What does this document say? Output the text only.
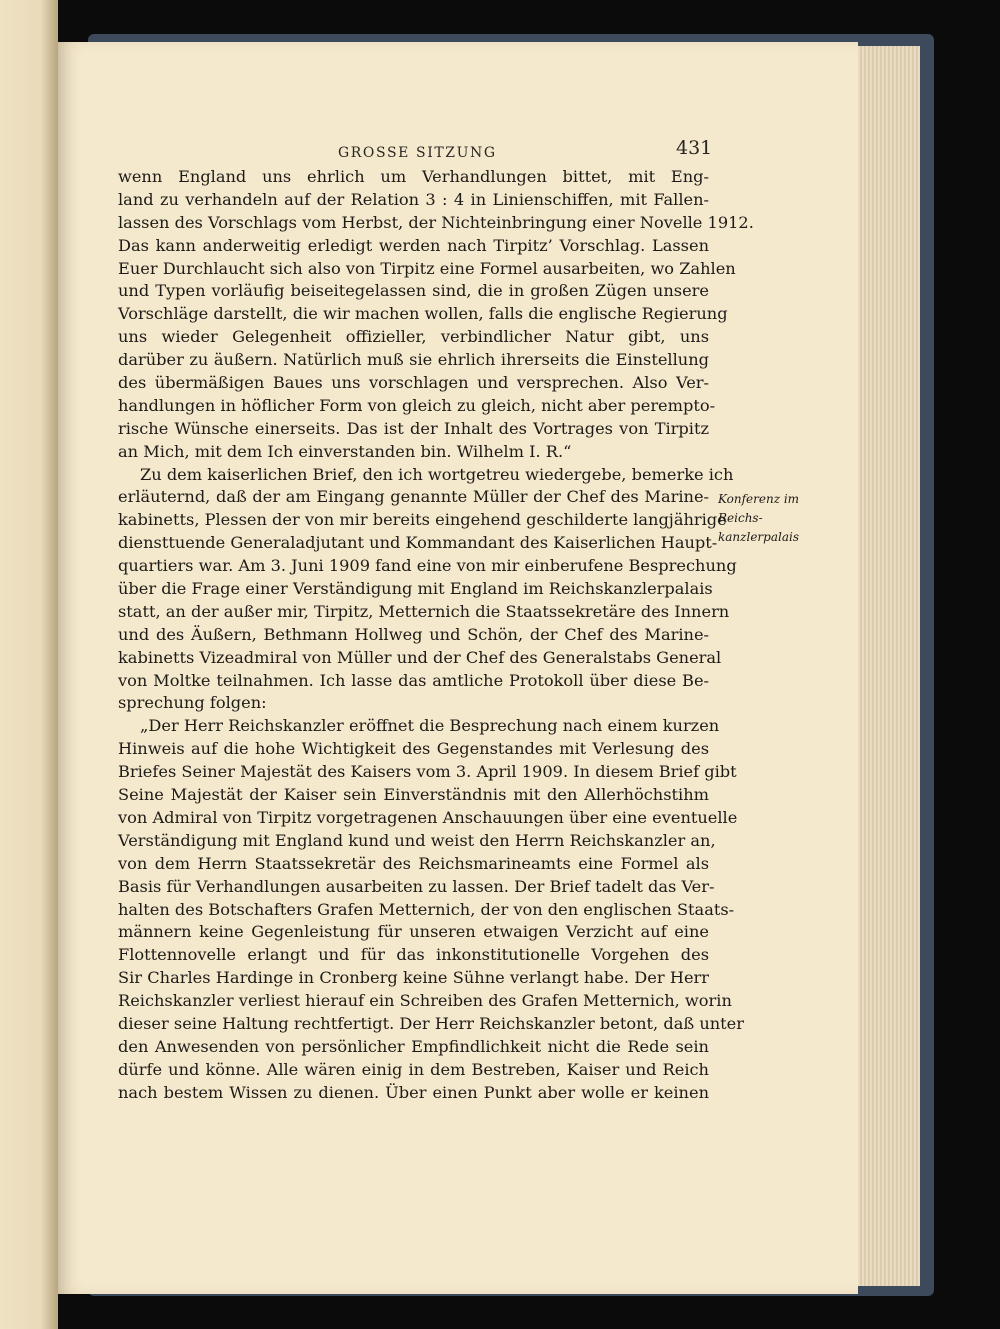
GROSSE SITZUNG	431
wenn England uns ehrlich um Verhandlungen bittet, mit Eng-
land zu verhandeln auf der Relation 3 : 4 in Linienschiffen, mit Fallen-
lassen des Vorschlags vom Herbst, der Nichteinbringung einer Novelle 1912.
Das kann anderweitig erledigt werden nach Tirpitz’ Vorschlag. Lassen
Euer Durchlaucht sich also von Tirpitz eine Formel ausarbeiten, wo Zahlen
und Typen vorläufig beiseitegelassen sind, die in großen Zügen unsere
Vorschläge darstellt, die wir machen wollen, falls die englische Regierung
uns wieder Gelegenheit offizieller, verbindlicher Natur gibt, uns
darüber zu äußern. Natürlich muß sie ehrlich ihrerseits die Einstellung
des übermäßigen Baues uns vorschlagen und versprechen. Also Ver-
handlungen in höflicher Form von gleich zu gleich, nicht aber perempto-
rische Wünsche einerseits. Das ist der Inhalt des Vortrages von Tirpitz
an Mich, mit dem Ich einverstanden bin. Wilhelm I. R.“
Zu dem kaiserlichen Brief, den ich wortgetreu wiedergebe, bemerke ich
erläuternd, daß der am Eingang genannte Müller der Chef des Marine-
kabinetts, Plessen der von mir bereits eingehend geschilderte langjährige
diensttuende Generaladjutant und Kommandant des Kaiserlichen Haupt-
quartiers war. Am 3. Juni 1909 fand eine von mir einberufene Besprechung
über die Frage einer Verständigung mit England im Reichskanzlerpalais
statt, an der außer mir, Tirpitz, Metternich die Staatssekretäre des Innern
und des Äußern, Bethmann Hollweg und Schön, der Chef des Marine-
kabinetts Vizeadmiral von Müller und der Chef des Generalstabs General
von Moltke teilnahmen. Ich lasse das amtliche Protokoll über diese Be-
sprechung folgen:
„Der Herr Reichskanzler eröffnet die Besprechung nach einem kurzen
Hinweis auf die hohe Wichtigkeit des Gegenstandes mit Verlesung des
Briefes Seiner Majestät des Kaisers vom 3. April 1909. In diesem Brief gibt
Seine Majestät der Kaiser sein Einverständnis mit den Allerhöchstihm
von Admiral von Tirpitz vorgetragenen Anschauungen über eine eventuelle
Verständigung mit England kund und weist den Herrn Reichskanzler an,
von dem Herrn Staatssekretär des Reichsmarineamts eine Formel als
Basis für Verhandlungen ausarbeiten zu lassen. Der Brief tadelt das Ver-
halten des Botschafters Grafen Metternich, der von den englischen Staats-
männern keine Gegenleistung für unseren etwaigen Verzicht auf eine
Flottennovelle erlangt und für das inkonstitutionelle Vorgehen des
Sir Charles Hardinge in Cronberg keine Sühne verlangt habe. Der Herr
Reichskanzler verliest hierauf ein Schreiben des Grafen Metternich, worin
dieser seine Haltung rechtfertigt. Der Herr Reichskanzler betont, daß unter
den Anwesenden von persönlicher Empfindlichkeit nicht die Rede sein
dürfe und könne. Alle wären einig in dem Bestreben, Kaiser und Reich
nach bestem Wissen zu dienen. Über einen Punkt aber wolle er keinen
Konferenz im
Reichs-
kanzlerpalais
